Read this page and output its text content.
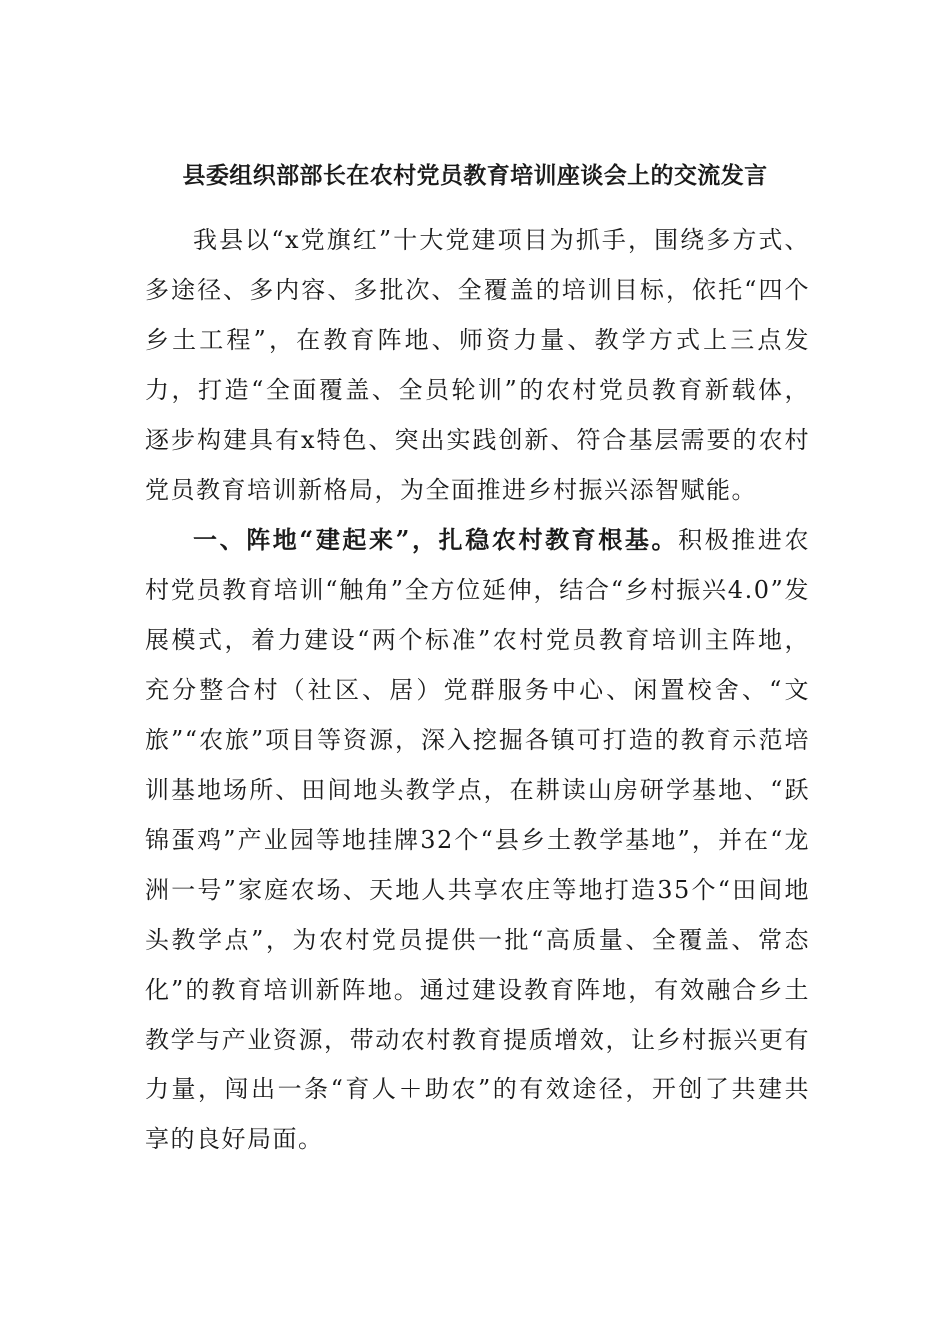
县委组织部部长在农村党员教育培训座谈会上的交流发言

我县以“x党旗红”十大党建项目为抓手，围绕多方式、多途径、多内容、多批次、全覆盖的培训目标，依托“四个乡土工程”，在教育阵地、师资力量、教学方式上三点发力，打造“全面覆盖、全员轮训”的农村党员教育新载体，逐步构建具有x特色、突出实践创新、符合基层需要的农村党员教育培训新格局，为全面推进乡村振兴添智赋能。

一、阵地“建起来”，扎稳农村教育根基。积极推进农村党员教育培训“触角”全方位延伸，结合“乡村振兴4.0”发展模式，着力建设“两个标准”农村党员教育培训主阵地，充分整合村（社区、居）党群服务中心、闲置校舍、“文旅”“农旅”项目等资源，深入挖掘各镇可打造的教育示范培训基地场所、田间地头教学点，在耕读山房研学基地、“跃锦蛋鸡”产业园等地挂牌32个“县乡土教学基地”，并在“龙洲一号”家庭农场、天地人共享农庄等地打造35个“田间地头教学点”，为农村党员提供一批“高质量、全覆盖、常态化”的教育培训新阵地。通过建设教育阵地，有效融合乡土教学与产业资源，带动农村教育提质增效，让乡村振兴更有力量，闯出一条“育人＋助农”的有效途径，开创了共建共享的良好局面。
